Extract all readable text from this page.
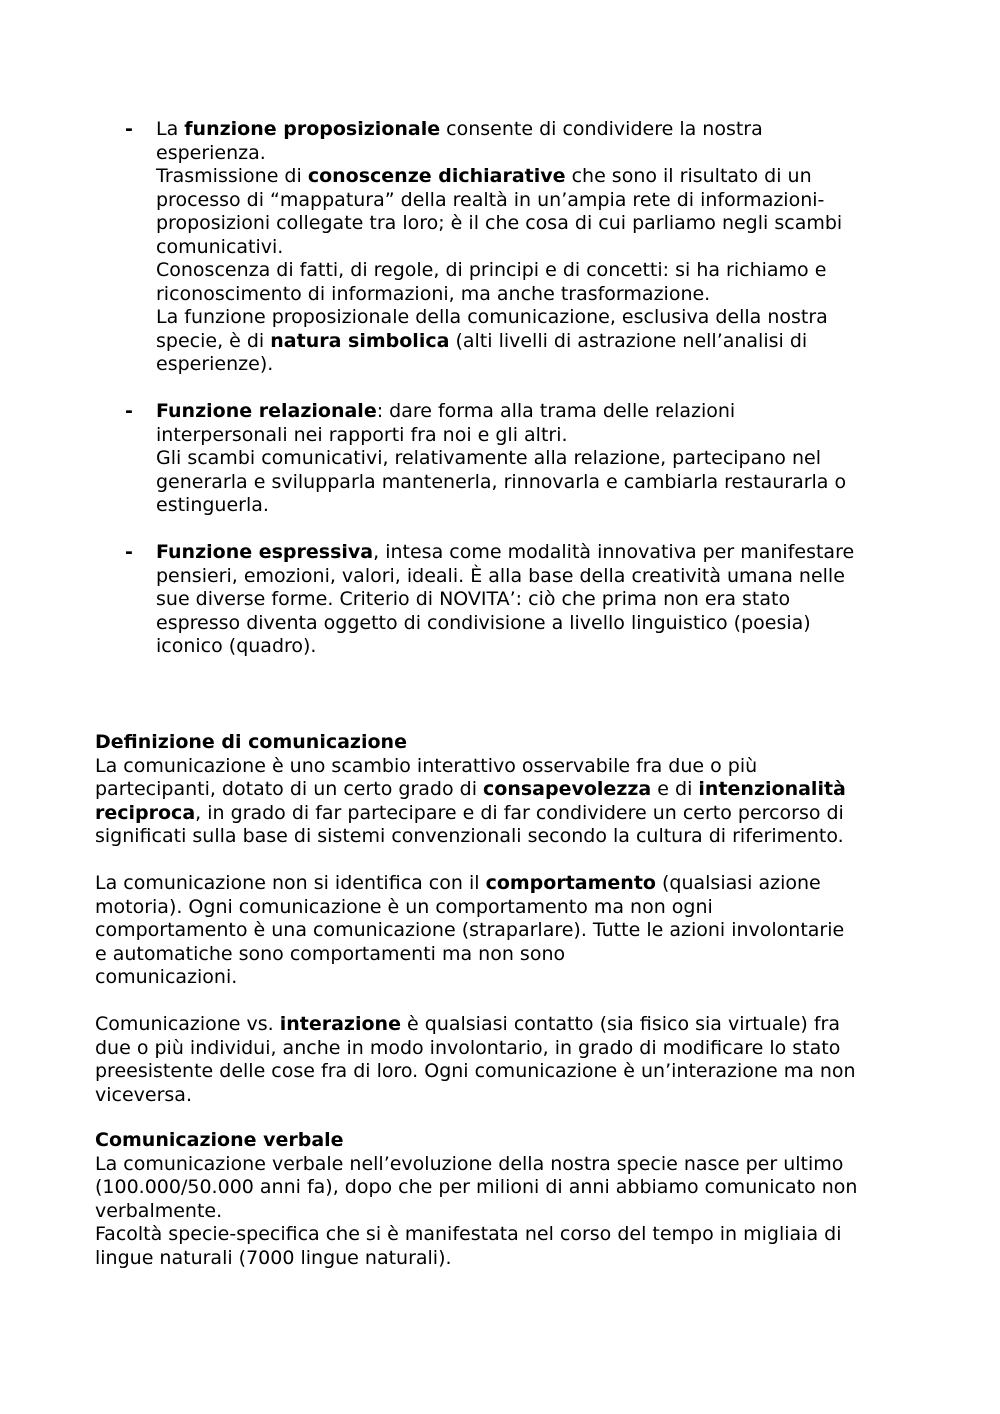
- La funzione proposizionale consente di condividere la nostra
esperienza.
Trasmissione di conoscenze dichiarative che sono il risultato di un
processo di “mappatura” della realtà in un’ampia rete di informazioni-
proposizioni collegate tra loro; è il che cosa di cui parliamo negli scambi
comunicativi.
Conoscenza di fatti, di regole, di principi e di concetti: si ha richiamo e
riconoscimento di informazioni, ma anche trasformazione.
La funzione proposizionale della comunicazione, esclusiva della nostra
specie, è di natura simbolica (alti livelli di astrazione nell’analisi di
esperienze).
- Funzione relazionale: dare forma alla trama delle relazioni
interpersonali nei rapporti fra noi e gli altri.
Gli scambi comunicativi, relativamente alla relazione, partecipano nel
generarla e svilupparla mantenerla, rinnovarla e cambiarla restaurarla o
estinguerla.
- Funzione espressiva, intesa come modalità innovativa per manifestare
pensieri, emozioni, valori, ideali. È alla base della creatività umana nelle
sue diverse forme. Criterio di NOVITA’: ciò che prima non era stato
espresso diventa oggetto di condivisione a livello linguistico (poesia)
iconico (quadro).
Definizione di comunicazione
La comunicazione è uno scambio interattivo osservabile fra due o più
partecipanti, dotato di un certo grado di consapevolezza e di intenzionalità
reciproca, in grado di far partecipare e di far condividere un certo percorso di
significati sulla base di sistemi convenzionali secondo la cultura di riferimento.
La comunicazione non si identifica con il comportamento (qualsiasi azione
motoria). Ogni comunicazione è un comportamento ma non ogni
comportamento è una comunicazione (straparlare). Tutte le azioni involontarie
e automatiche sono comportamenti ma non sono
comunicazioni.
Comunicazione vs. interazione è qualsiasi contatto (sia fisico sia virtuale) fra
due o più individui, anche in modo involontario, in grado di modificare lo stato
preesistente delle cose fra di loro. Ogni comunicazione è un’interazione ma non
viceversa.
Comunicazione verbale
La comunicazione verbale nell’evoluzione della nostra specie nasce per ultimo
(100.000/50.000 anni fa), dopo che per milioni di anni abbiamo comunicato non
verbalmente.
Facoltà specie-specifica che si è manifestata nel corso del tempo in migliaia di
lingue naturali (7000 lingue naturali).
